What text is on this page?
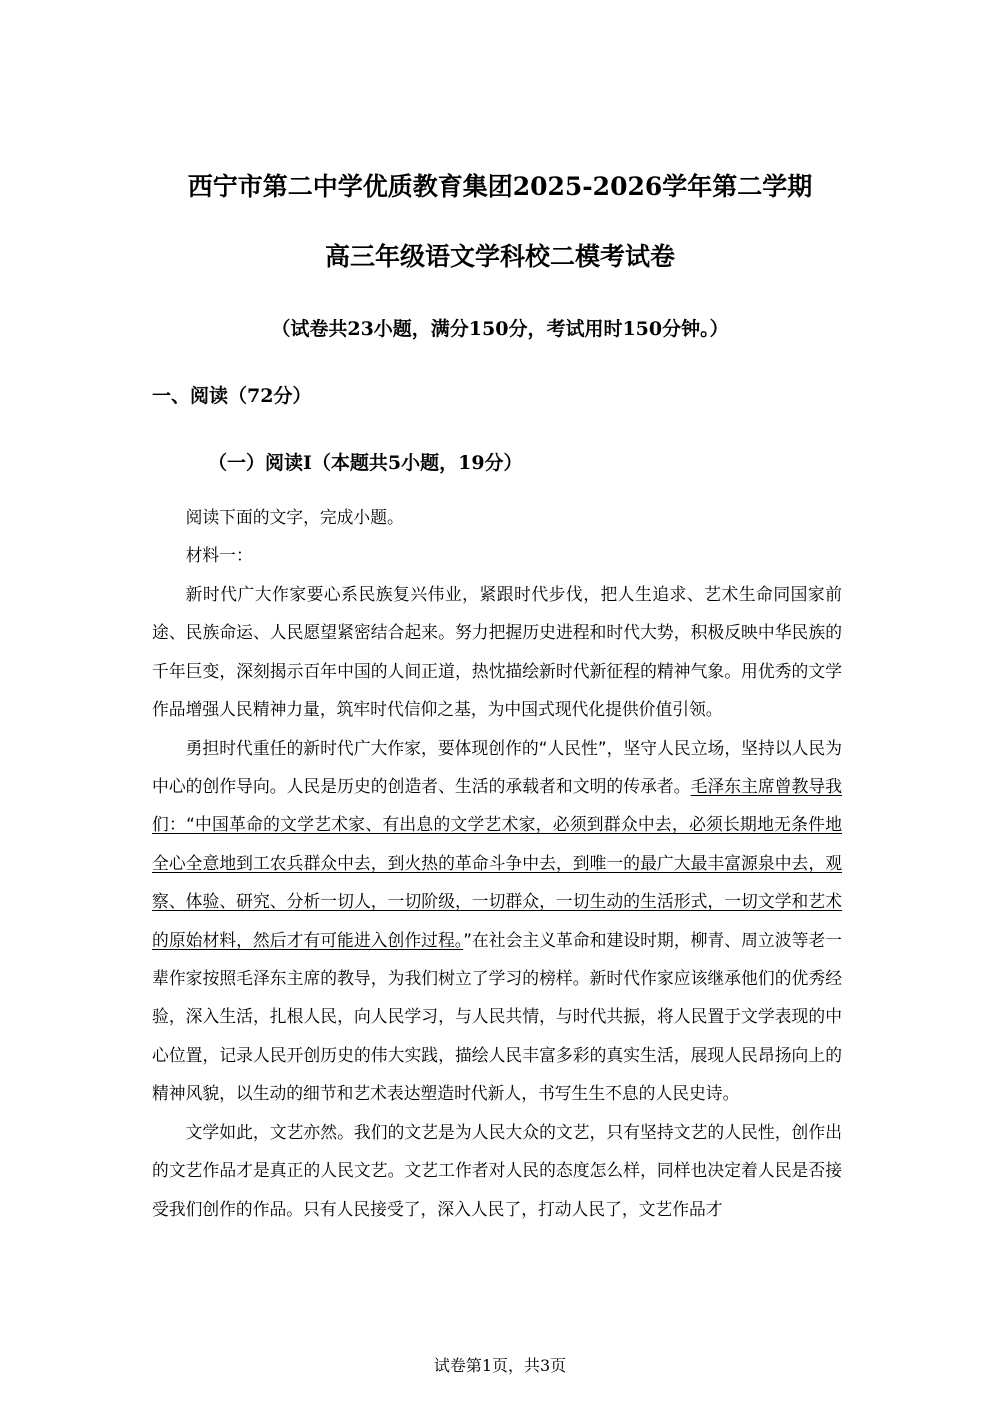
西宁市第二中学优质教育集团2025-2026学年第二学期
高三年级语文学科校二模考试卷
（试卷共23小题，满分150分，考试用时150分钟。）
一、阅读（72分）
（一）阅读Ⅰ（本题共5小题，19分）
阅读下面的文字，完成小题。
材料一：

新时代广大作家要心系民族复兴伟业，紧跟时代步伐，把人生追求、艺术生命同国家前途、民族命运、人民愿望紧密结合起来。努力把握历史进程和时代大势，积极反映中华民族的千年巨变，深刻揭示百年中国的人间正道，热忱描绘新时代新征程的精神气象。用优秀的文学作品增强人民精神力量，筑牢时代信仰之基，为中国式现代化提供价值引领。

勇担时代重任的新时代广大作家，要体现创作的“人民性”，坚守人民立场，坚持以人民为中心的创作导向。人民是历史的创造者、生活的承载者和文明的传承者。毛泽东主席曾教导我们：“中国革命的文学艺术家、有出息的文学艺术家，必须到群众中去，必须长期地无条件地全心全意地到工农兵群众中去，到火热的革命斗争中去，到唯一的最广大最丰富源泉中去，观察、体验、研究、分析一切人，一切阶级，一切群众，一切生动的生活形式，一切文学和艺术的原始材料，然后才有可能进入创作过程。”在社会主义革命和建设时期，柳青、周立波等老一辈作家按照毛泽东主席的教导，为我们树立了学习的榜样。新时代作家应该继承他们的优秀经验，深入生活，扎根人民，向人民学习，与人民共情，与时代共振，将人民置于文学表现的中心位置，记录人民开创历史的伟大实践，描绘人民丰富多彩的真实生活，展现人民昂扬向上的精神风貌，以生动的细节和艺术表达塑造时代新人，书写生生不息的人民史诗。

文学如此，文艺亦然。我们的文艺是为人民大众的文艺，只有坚持文艺的人民性，创作出的文艺作品才是真正的人民文艺。文艺工作者对人民的态度怎么样，同样也决定着人民是否接受我们创作的作品。只有人民接受了，深入人民了，打动人民了，文艺作品才

试卷第1页，共3页
